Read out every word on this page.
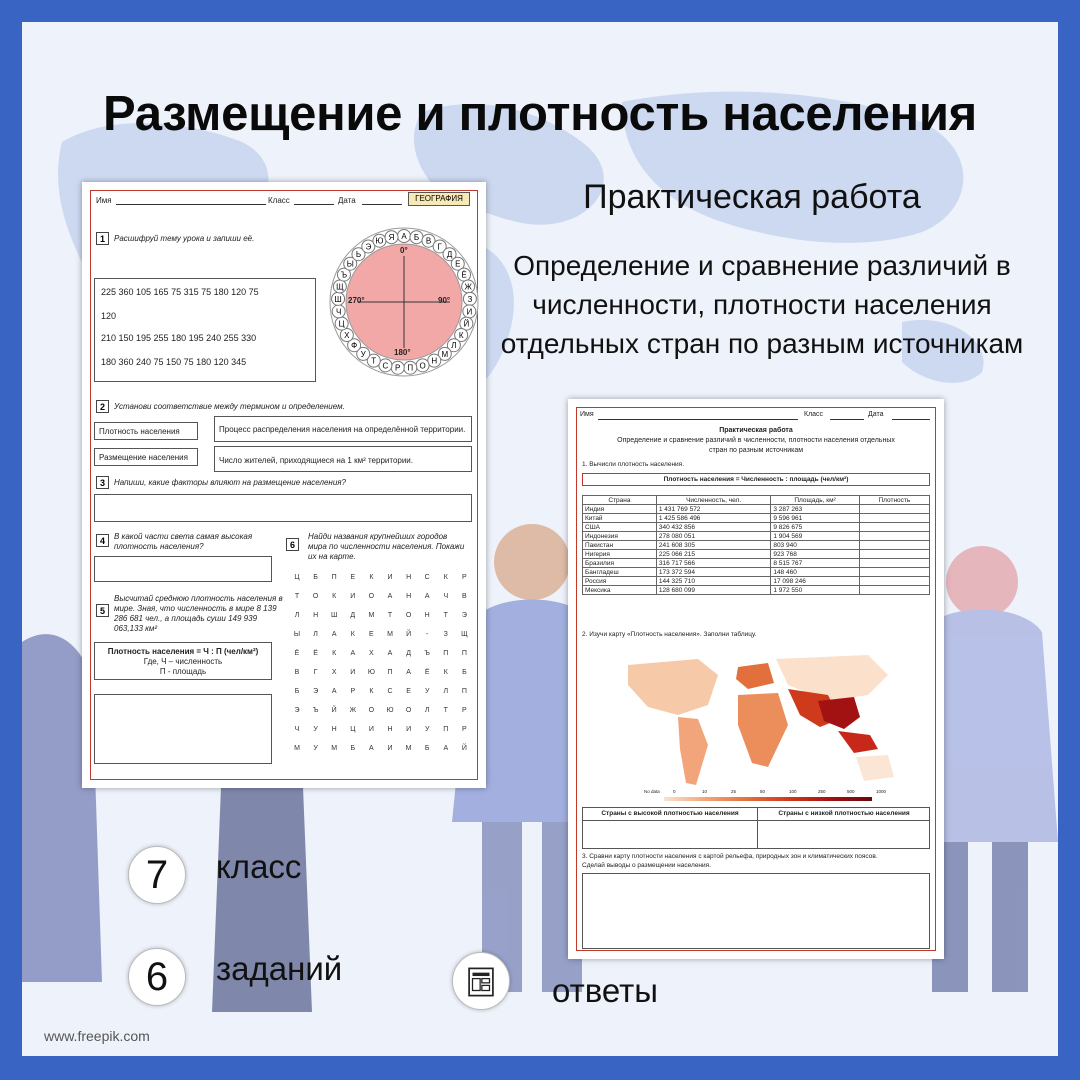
Размещение и плотность населения
Практическая работа
Определение и сравнение различий в численности, плотности населения отдельных стран по разным источникам
Имя	Класс	Дата	ГЕОГРАФИЯ
1	Расшифруй тему урока и запиши её.
225 360 105 165 75 315 75 180 120 75
120
210 150 195 255 180 195 240 255 330
180 360 240 75 150 75 180 120 345
А Б В
Г
Д
Е
Ё
Ж
З
И
Й
К
Л
М
Н
О
П
Р
С
Т
У
Ф
Х
Ц
Ч
Ш
Щ
Ъ
Ы
Ь
Э
Ю Я
0°
90°
180°
270°
2	Установи соответствие между термином и определением.
Плотность населения
Размещение населения
Процесс распределения населения на определённой территории.
Число жителей, приходящиеся на 1 км² территории.
3	Напиши, какие факторы влияют на размещение населения?
4	В какой части света самая высокая
плотность населения?
5
Высчитай среднюю плотность населения в
мире. Зная, что численность в мире 8 139
286 681 чел., а площадь суши 149 939
063,133 км²
Плотность населения = Ч : П (чел/км²)
Где, Ч – численность
П - площадь
6
Найди названия крупнейших городов
мира по численности населения. Покажи
их на карте.
Ц	Б	П	Е	К	И	Н	С	К	Р
Т	О	К	И	О	А	Н	А	Ч	В
Л	Н	Ш	Д	М	Т	О	Н	Т	Э
Ы	Л	А	К	Е	М	Й	-	З	Щ
Ё	Ё	К	А	Х	А	Д	Ъ	П	П
В	Г	Х	И	Ю	П	А	Ё	К	Б
Б	Э	А	Р	К	С	Е	У	Л	П
Э	Ъ	Й	Ж	О	Ю	О	Л	Т	Р
Ч	У	Н	Ц	И	Н	И	У	П	Р
М	У	М	Б	А	И	М	Б	А	Й
Имя	Класс	Дата
Практическая работа
Определение и сравнение различий в численности, плотности населения отдельных
стран по разным источникам
1. Вычисли плотность населения.
Плотность населения = Численность : площадь (чел/км²)
Страна	Численность, чел.	Площадь, км²	Плотность
Индия	1 431 769 572	3 287 263	
Китай	1 425 586 496	9 596 961	
США	340 432 856	9 826 675	
Индонезия	278 080 051	1 904 569	
Пакистан	241 608 305	803 940	
Нигерия	225 066 215	923 768	
Бразилия	316 717 566	8 515 767	
Бангладеш	173 372 594	148 460	
Россия	144 325 710	17 098 246	
Мексика	128 680 099	1 972 550	
2. Изучи карту «Плотность населения». Заполни таблицу.
No data	0	10	25	50	100	250	500	1000
Страны с высокой плотностью населения	Страны с низкой плотностью населения
3. Сравни карту плотности населения с картой рельефа, природных зон и климатических поясов.
Сделай выводы о размещении населения.
7	класс
6	заданий
ответы
www.freepik.com
